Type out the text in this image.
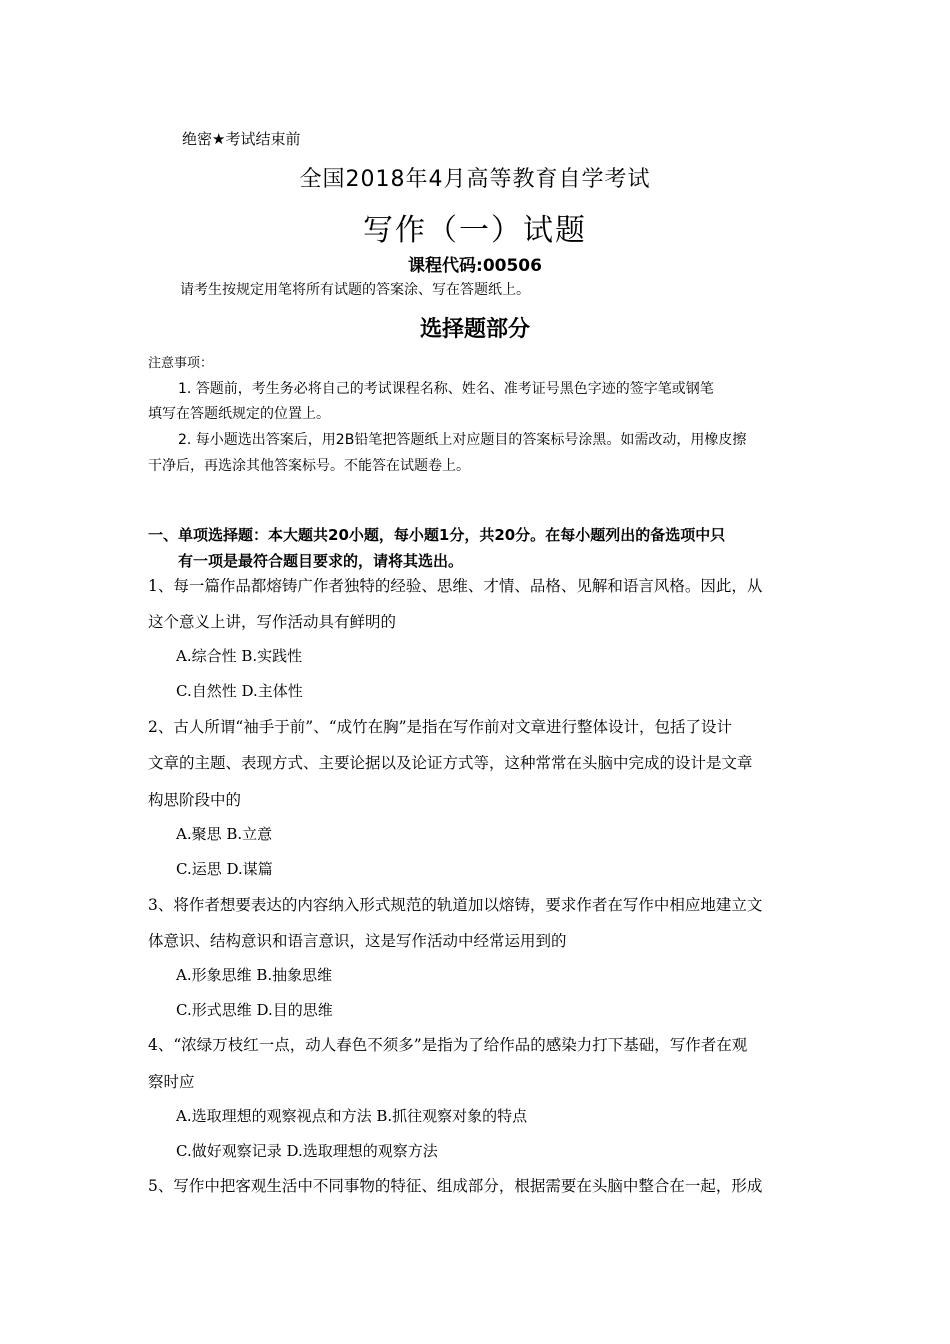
绝密★考试结束前
全国2018年4月高等教育自学考试
写作（一）试题
课程代码:00506
请考生按规定用笔将所有试题的答案涂、写在答题纸上。
选择题部分
注意事项：
1. 答题前，考生务必将自己的考试课程名称、姓名、准考证号黑色字迹的签字笔或钢笔
填写在答题纸规定的位置上。
2. 每小题选出答案后，用2B铅笔把答题纸上对应题目的答案标号涂黑。如需改动，用橡皮擦
干净后，再选涂其他答案标号。不能答在试题卷上。
一、单项选择题：本大题共20小题，每小题1分，共20分。在每小题列出的备选项中只
有一项是最符合题目要求的，请将其选出。
1、每一篇作品都熔铸广作者独特的经验、思维、才情、品格、见解和语言风格。因此，从
这个意义上讲，写作活动具有鲜明的
A.综合性 B.实践性
C.自然性 D.主体性
2、古人所谓“袖手于前”、“成竹在胸”是指在写作前对文章进行整体设计，包括了设计
文章的主题、表现方式、主要论据以及论证方式等，这种常常在头脑中完成的设计是文章
构思阶段中的
A.聚思 B.立意
C.运思 D.谋篇
3、将作者想要表达的内容纳入形式规范的轨道加以熔铸，要求作者在写作中相应地建立文
体意识、结构意识和语言意识，这是写作活动中经常运用到的
A.形象思维 B.抽象思维
C.形式思维 D.目的思维
4、“浓绿万枝红一点，动人春色不须多”是指为了给作品的感染力打下基础，写作者在观
察时应
A.选取理想的观察视点和方法 B.抓往观察对象的特点
C.做好观察记录 D.选取理想的观察方法
5、写作中把客观生活中不同事物的特征、组成部分，根据需要在头脑中整合在一起，形成
